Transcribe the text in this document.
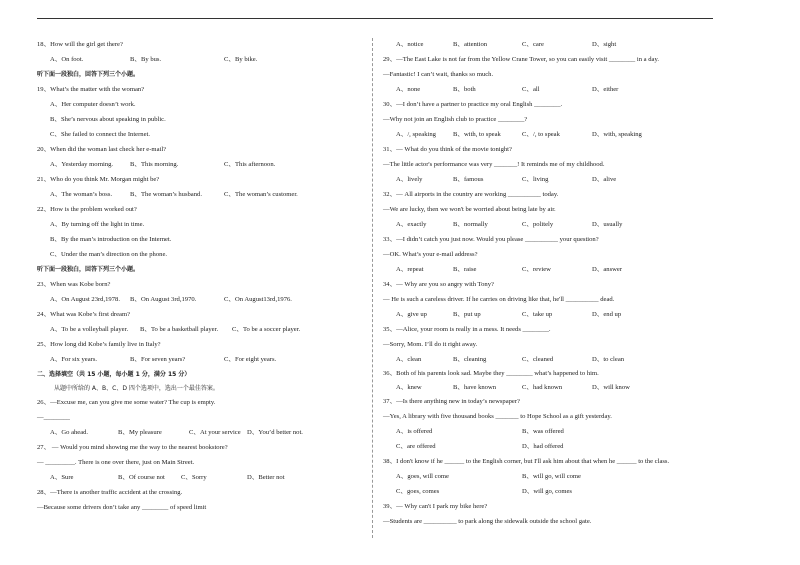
18、How will the girl get there?
A、On foot.	B、By bus.	C、By bike.
听下面一段独白，回答下列三个小题。
19、What’s the matter with the woman?
A、Her computer doesn’t work.
B、She’s nervous about speaking in public.
C、She failed to connect the Internet.
20、When did the woman last check her e-mail?
A、Yesterday morning.	B、This morning.	C、This afternoon.
21、Who do you think Mr. Morgan might be?
A、The woman’s boss.	B、The woman’s husband.	C、The woman’s customer.
22、How is the problem worked out?
A、By turning off the light in time.
B、By the man’s introduction on the Internet.
C、Under the man’s direction on the phone.
听下面一段独白，回答下列三个小题。
23、When was Kobe born?
A、On August 23rd,1978. B、On August 3rd,1970.	C、On August13rd,1976.
24、What was Kobe’s first dream?
A、To be a volleyball player. B、To be a basketball player. C、To be a soccer player.
25、How long did Kobe’s family live in Italy?
A、For six years.	B、For seven years?	C、For eight years.
二、选择填空（共 15 小题，每小题 1 分，满分 15 分）
从题中所给的 A、B、C、D 四个选项中，选出一个最佳答案。
26、—Excuse me, can you give me some water? The cup is empty.
—________
A、Go ahead.	B、My pleasure	C、At your service D、You’d better not.
27、 — Would you mind showing me the way to the nearest bookstore?
— _________. There is one over there, just on Main Street.
A、Sure	B、Of course not C、Sorry	D、Better not
28、—There is another traffic accident at the crossing.
—Because some drivers don’t take any ________ of speed limit
A、notice	B、attention	C、care	D、sight
29、—The East Lake is not far from the Yellow Crane Tower, so you can easily visit ________ in a day.
—Fantastic! I can’t wait, thanks so much.
A、none	B、both	C、all	D、either
30、—I don’t have a partner to practice my oral English ________.
—Why not join an English club to practice ________?
A、/, speaking	B、with, to speak	C、/, to speak	D、with, speaking
31、— What do you think of the movie tonight?
—The little actor's performance was very _______! It reminds me of my childhood.
A、lively	B、famous	C、living	D、alive
32、— All airports in the country are working __________ today.
—We are lucky, then we won't be worried about being late by air.
A、exactly	B、normally	C、politely	D、usually
33、—I didn’t catch you just now. Would you please __________ your question?
—OK. What’s your e-mail address?
A、repeat	B、raise	C、review	D、answer
34、— Why are you so angry with Tony?
— He is such a careless driver. If he carries on driving like that, he'll __________ dead.
A、give up	B、put up	C、take up	D、end up
35、—Alice, your room is really in a mess. It needs ________.
—Sorry, Mom. I’ll do it right away.
A、clean	B、cleaning	C、cleaned	D、to clean
36、Both of his parents look sad. Maybe they ________ what’s happened to him.
A、knew	B、have known	C、had known	D、will know
37、—Is there anything new in today’s newspaper?
—Yes, A library with five thousand books _______ to Hope School as a gift yesterday.
A、is offered	B、was offered
C、are offered	D、had offered
38、I don't know if he ______ to the English corner, but I'll ask him about that when he ______ to the class.
A、goes, will come	B、will go, will come
C、goes, comes	D、will go, comes
39、— Why can't I park my bike here?
—Students are __________ to park along the sidewalk outside the school gate.
